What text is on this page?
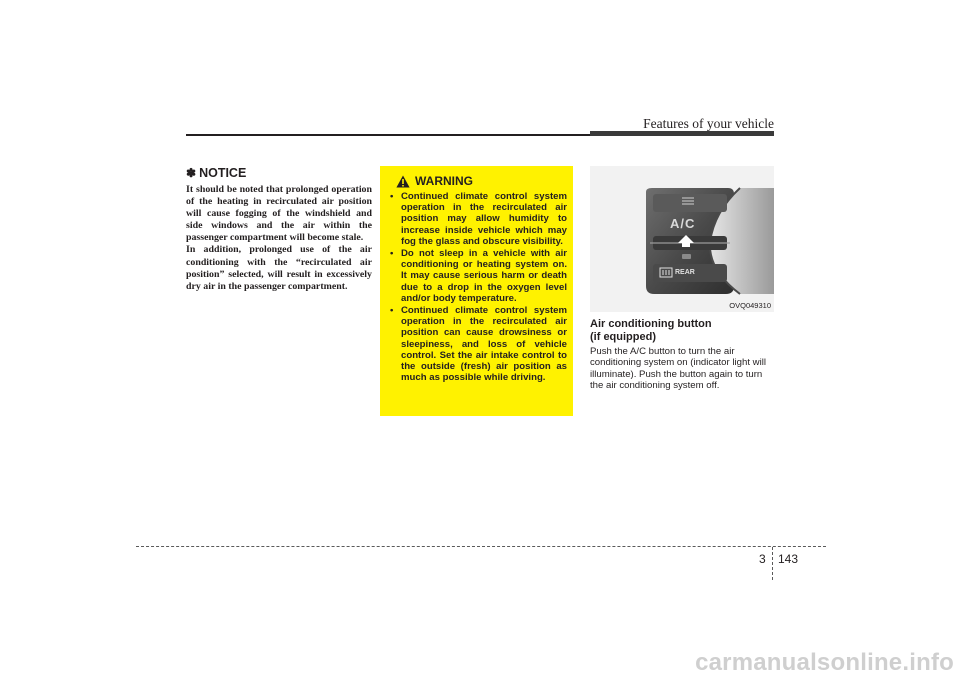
Features of your vehicle
✽ NOTICE

It should be noted that prolonged operation of the heating in recirculated air position will cause fogging of the windshield and side windows and the air within the passenger compartment will become stale.

In addition, prolonged use of the air conditioning with the “recirculated air position” selected, will result in excessively dry air in the passenger compartment.

WARNING
• Continued climate control system operation in the recirculated air position may allow humidity to increase inside vehicle which may fog the glass and obscure visibility.
• Do not sleep in a vehicle with air conditioning or heating system on. It may cause serious harm or death due to a drop in the oxygen level and/or body temperature.
• Continued climate control system operation in the recirculated air position can cause drowsiness or sleepiness, and loss of vehicle control. Set the air intake control to the outside (fresh) air position as much as possible while driving.
A/C
REAR
OVQ049310
Air conditioning button
(if equipped)

Push the A/C button to turn the air conditioning system on (indicator light will illuminate). Push the button again to turn the air conditioning system off.

3 143
carmanualsonline.info
